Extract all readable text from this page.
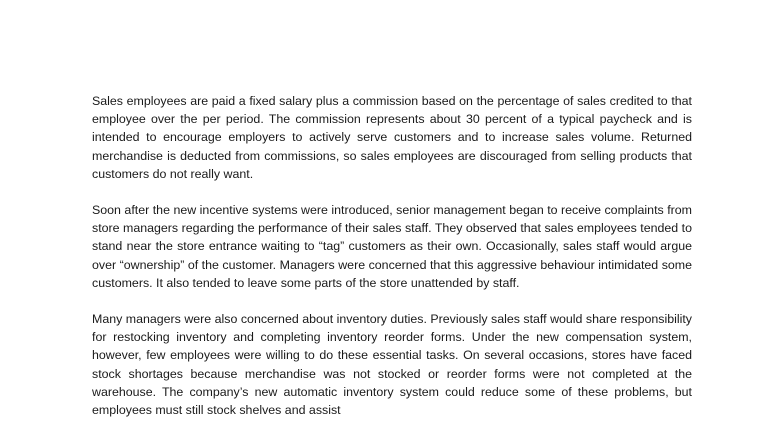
Sales employees are paid a fixed salary plus a commission based on the percentage of sales credited to that employee over the per period. The commission represents about 30 percent of a typical paycheck and is intended to encourage employers to actively serve customers and to increase sales volume. Returned merchandise is deducted from commissions, so sales employees are discouraged from selling products that customers do not really want.

Soon after the new incentive systems were introduced, senior management began to receive complaints from store managers regarding the performance of their sales staff. They observed that sales employees tended to stand near the store entrance waiting to “tag” customers as their own. Occasionally, sales staff would argue over “ownership” of the customer. Managers were concerned that this aggressive behaviour intimidated some customers. It also tended to leave some parts of the store unattended by staff.

Many managers were also concerned about inventory duties. Previously sales staff would share responsibility for restocking inventory and completing inventory reorder forms. Under the new compensation system, however, few employees were willing to do these essential tasks. On several occasions, stores have faced stock shortages because merchandise was not stocked or reorder forms were not completed at the warehouse. The company’s new automatic inventory system could reduce some of these problems, but employees must still stock shelves and assist
